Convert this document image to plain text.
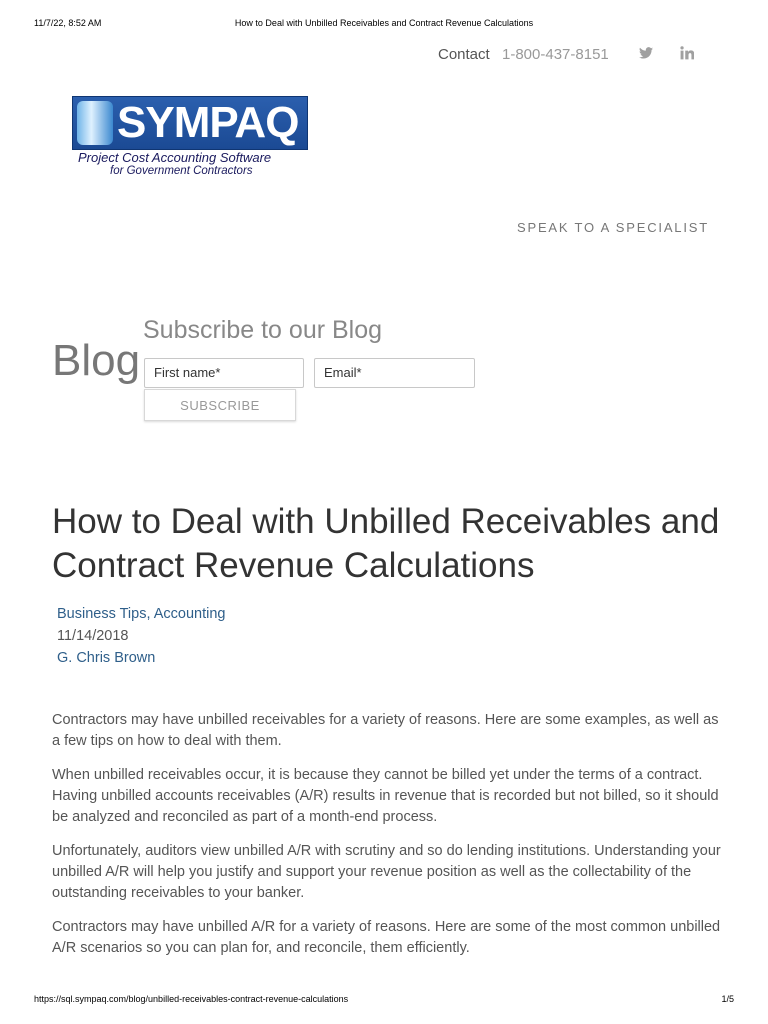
11/7/22, 8:52 AM	How to Deal with Unbilled Receivables and Contract Revenue Calculations
Contact 1-800-437-8151
SYMPAQ
Project Cost Accounting Software
for Government Contractors
SPEAK TO A SPECIALIST
Blog
Subscribe to our Blog
First name*	Email*
SUBSCRIBE
How to Deal with Unbilled Receivables and Contract Revenue Calculations
Business Tips, Accounting
11/14/2018
G. Chris Brown
Contractors may have unbilled receivables for a variety of reasons. Here are some examples, as well as a few tips on how to deal with them.
When unbilled receivables occur, it is because they cannot be billed yet under the terms of a contract. Having unbilled accounts receivables (A/R) results in revenue that is recorded but not billed, so it should be analyzed and reconciled as part of a month-end process.
Unfortunately, auditors view unbilled A/R with scrutiny and so do lending institutions. Understanding your unbilled A/R will help you justify and support your revenue position as well as the collectability of the outstanding receivables to your banker.
Contractors may have unbilled A/R for a variety of reasons. Here are some of the most common unbilled A/R scenarios so you can plan for, and reconcile, them efficiently.
https://sql.sympaq.com/blog/unbilled-receivables-contract-revenue-calculations	1/5
